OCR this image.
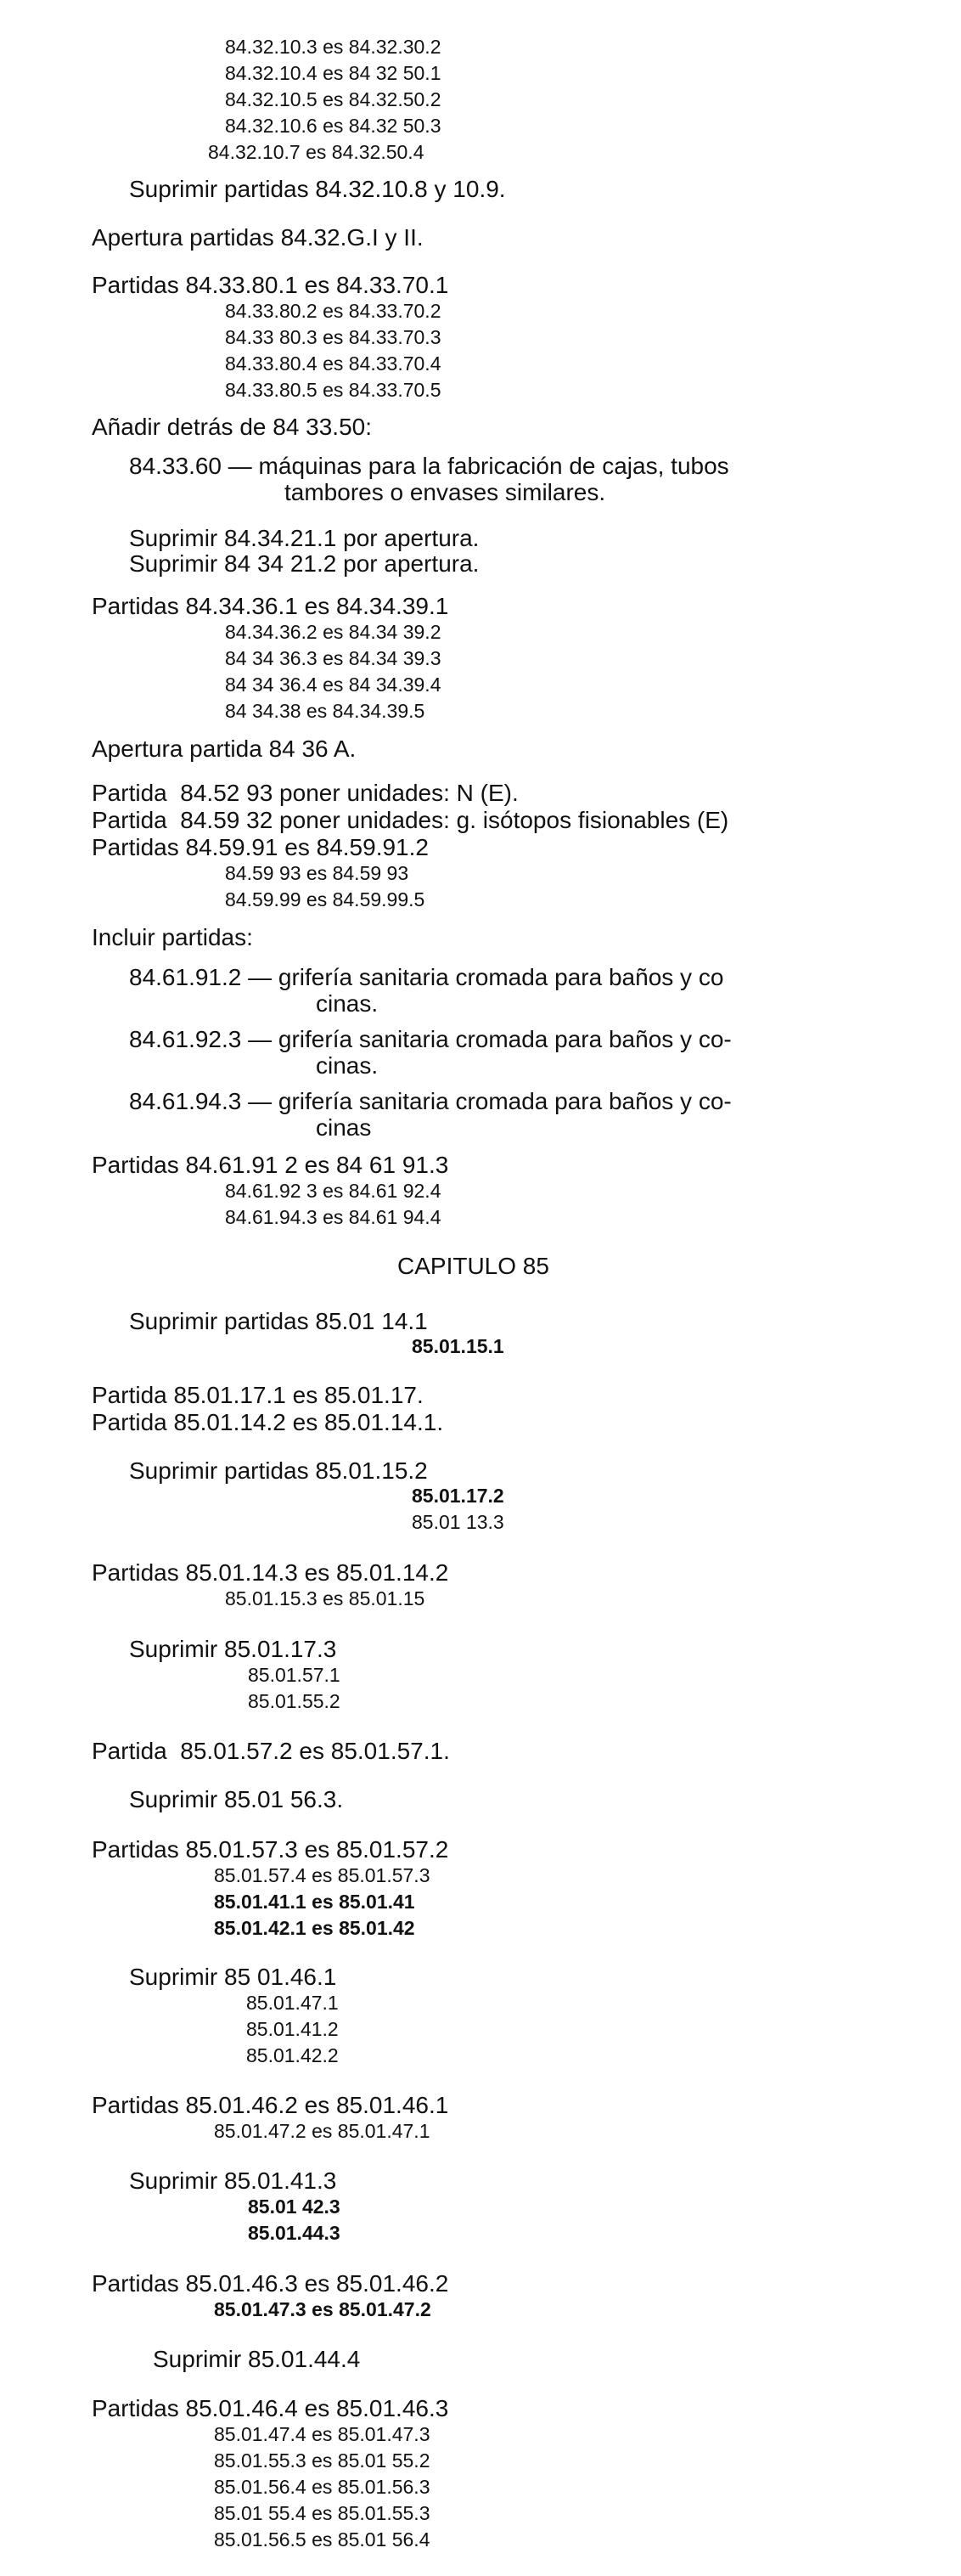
84.32.10.3 es 84.32.30.2
84.32.10.4 es 84 32 50.1
84.32.10.5 es 84.32.50.2
84.32.10.6 es 84.32 50.3
84.32.10.7 es 84.32.50.4
Suprimir partidas 84.32.10.8 y 10.9.
Apertura partidas 84.32.G.I y II.
Partidas 84.33.80.1 es 84.33.70.1
84.33.80.2 es 84.33.70.2
84.33 80.3 es 84.33.70.3
84.33.80.4 es 84.33.70.4
84.33.80.5 es 84.33.70.5
Añadir detrás de 84 33.50:
84.33.60 — máquinas para la fabricación de cajas, tubos
tambores o envases similares.
Suprimir 84.34.21.1 por apertura.
Suprimir 84 34 21.2 por apertura.
Partidas 84.34.36.1 es 84.34.39.1
84.34.36.2 es 84.34 39.2
84 34 36.3 es 84.34 39.3
84 34 36.4 es 84 34.39.4
84 34.38 es 84.34.39.5
Apertura partida 84 36 A.
Partida  84.52 93 poner unidades: N (E).
Partida  84.59 32 poner unidades: g. isótopos fisionables (E)
Partidas 84.59.91 es 84.59.91.2
84.59 93 es 84.59 93
84.59.99 es 84.59.99.5
Incluir partidas:
84.61.91.2 — grifería sanitaria cromada para baños y co
cinas.
84.61.92.3 — grifería sanitaria cromada para baños y co-
cinas.
84.61.94.3 — grifería sanitaria cromada para baños y co-
cinas
Partidas 84.61.91 2 es 84 61 91.3
84.61.92 3 es 84.61 92.4
84.61.94.3 es 84.61 94.4
CAPITULO 85
Suprimir partidas 85.01 14.1
85.01.15.1
Partida 85.01.17.1 es 85.01.17.
Partida 85.01.14.2 es 85.01.14.1.
Suprimir partidas 85.01.15.2
85.01.17.2
85.01 13.3
Partidas 85.01.14.3 es 85.01.14.2
85.01.15.3 es 85.01.15
Suprimir 85.01.17.3
85.01.57.1
85.01.55.2
Partida  85.01.57.2 es 85.01.57.1.
Suprimir 85.01 56.3.
Partidas 85.01.57.3 es 85.01.57.2
85.01.57.4 es 85.01.57.3
85.01.41.1 es 85.01.41
85.01.42.1 es 85.01.42
Suprimir 85 01.46.1
85.01.47.1
85.01.41.2
85.01.42.2
Partidas 85.01.46.2 es 85.01.46.1
85.01.47.2 es 85.01.47.1
Suprimir 85.01.41.3
85.01 42.3
85.01.44.3
Partidas 85.01.46.3 es 85.01.46.2
85.01.47.3 es 85.01.47.2
Suprimir 85.01.44.4
Partidas 85.01.46.4 es 85.01.46.3
85.01.47.4 es 85.01.47.3
85.01.55.3 es 85.01 55.2
85.01.56.4 es 85.01.56.3
85.01 55.4 es 85.01.55.3
85.01.56.5 es 85.01 56.4
